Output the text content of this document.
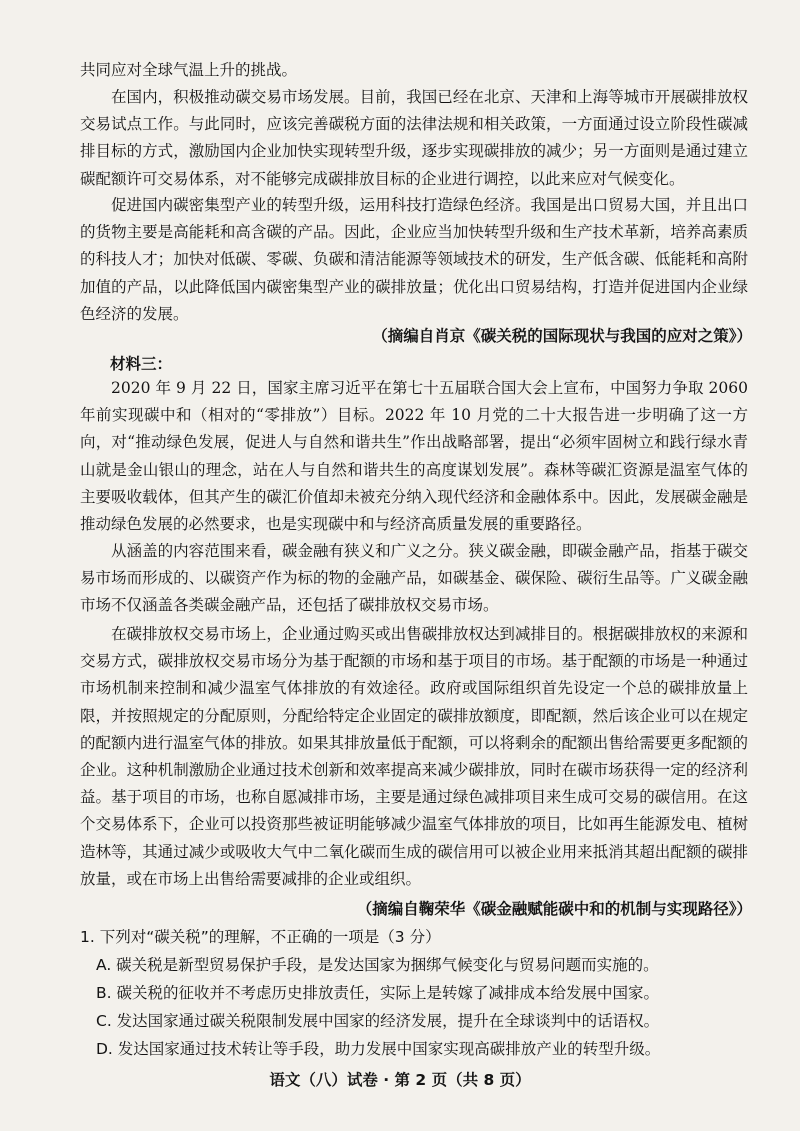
共同应对全球气温上升的挑战。

在国内，积极推动碳交易市场发展。目前，我国已经在北京、天津和上海等城市开展碳排放权交易试点工作。与此同时，应该完善碳税方面的法律法规和相关政策，一方面通过设立阶段性碳减排目标的方式，激励国内企业加快实现转型升级，逐步实现碳排放的减少；另一方面则是通过建立碳配额许可交易体系，对不能够完成碳排放目标的企业进行调控，以此来应对气候变化。

促进国内碳密集型产业的转型升级，运用科技打造绿色经济。我国是出口贸易大国，并且出口的货物主要是高能耗和高含碳的产品。因此，企业应当加快转型升级和生产技术革新，培养高素质的科技人才；加快对低碳、零碳、负碳和清洁能源等领域技术的研发，生产低含碳、低能耗和高附加值的产品，以此降低国内碳密集型产业的碳排放量；优化出口贸易结构，打造并促进国内企业绿色经济的发展。

（摘编自肖京《碳关税的国际现状与我国的应对之策》）
材料三：

2020 年 9 月 22 日，国家主席习近平在第七十五届联合国大会上宣布，中国努力争取 2060 年前实现碳中和（相对的“零排放”）目标。2022 年 10 月党的二十大报告进一步明确了这一方向，对“推动绿色发展，促进人与自然和谐共生”作出战略部署，提出“必须牢固树立和践行绿水青山就是金山银山的理念，站在人与自然和谐共生的高度谋划发展”。森林等碳汇资源是温室气体的主要吸收载体，但其产生的碳汇价值却未被充分纳入现代经济和金融体系中。因此，发展碳金融是推动绿色发展的必然要求，也是实现碳中和与经济高质量发展的重要路径。

从涵盖的内容范围来看，碳金融有狭义和广义之分。狭义碳金融，即碳金融产品，指基于碳交易市场而形成的、以碳资产作为标的物的金融产品，如碳基金、碳保险、碳衍生品等。广义碳金融市场不仅涵盖各类碳金融产品，还包括了碳排放权交易市场。

在碳排放权交易市场上，企业通过购买或出售碳排放权达到减排目的。根据碳排放权的来源和交易方式，碳排放权交易市场分为基于配额的市场和基于项目的市场。基于配额的市场是一种通过市场机制来控制和减少温室气体排放的有效途径。政府或国际组织首先设定一个总的碳排放量上限，并按照规定的分配原则，分配给特定企业固定的碳排放额度，即配额，然后该企业可以在规定的配额内进行温室气体的排放。如果其排放量低于配额，可以将剩余的配额出售给需要更多配额的企业。这种机制激励企业通过技术创新和效率提高来减少碳排放，同时在碳市场获得一定的经济利益。基于项目的市场，也称自愿减排市场，主要是通过绿色减排项目来生成可交易的碳信用。在这个交易体系下，企业可以投资那些被证明能够减少温室气体排放的项目，比如再生能源发电、植树造林等，其通过减少或吸收大气中二氧化碳而生成的碳信用可以被企业用来抵消其超出配额的碳排放量，或在市场上出售给需要减排的企业或组织。

（摘编自鞠荣华《碳金融赋能碳中和的机制与实现路径》）
1. 下列对“碳关税”的理解，不正确的一项是（3 分）
A. 碳关税是新型贸易保护手段，是发达国家为捆绑气候变化与贸易问题而实施的。
B. 碳关税的征收并不考虑历史排放责任，实际上是转嫁了减排成本给发展中国家。
C. 发达国家通过碳关税限制发展中国家的经济发展，提升在全球谈判中的话语权。
D. 发达国家通过技术转让等手段，助力发展中国家实现高碳排放产业的转型升级。
语文（八）试卷 · 第 2 页（共 8 页）
